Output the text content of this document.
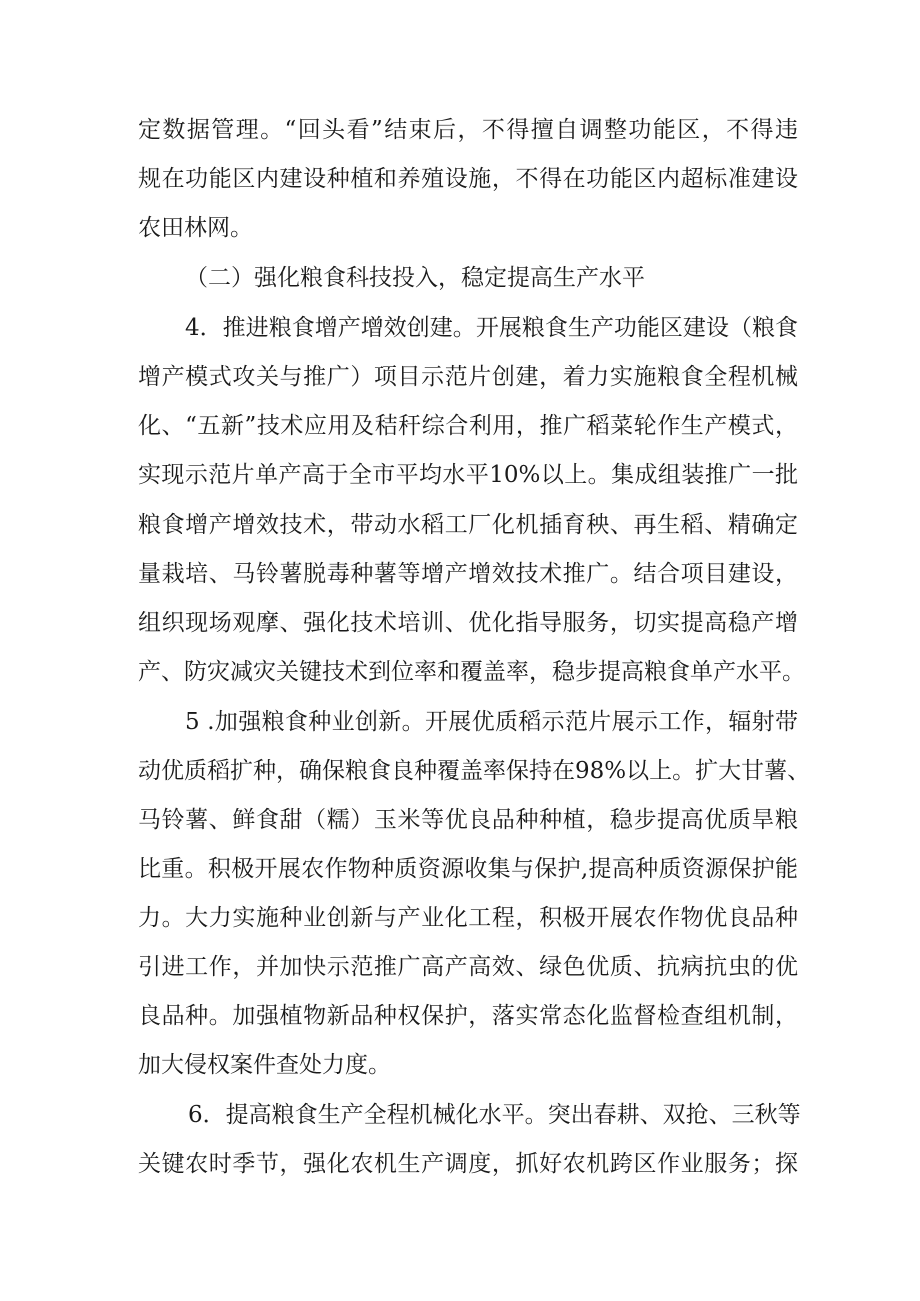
定数据管理。“回头看”结束后，不得擅自调整功能区，不得违

规在功能区内建设种植和养殖设施，不得在功能区内超标准建设

农田林网。

（二）强化粮食科技投入，稳定提高生产水平

4．推进粮食增产增效创建。开展粮食生产功能区建设（粮食

增产模式攻关与推广）项目示范片创建，着力实施粮食全程机械

化、“五新”技术应用及秸秆综合利用，推广稻菜轮作生产模式，

实现示范片单产高于全市平均水平10%以上。集成组装推广一批

粮食增产增效技术，带动水稻工厂化机插育秧、再生稻、精确定

量栽培、马铃薯脱毒种薯等增产增效技术推广。结合项目建设，

组织现场观摩、强化技术培训、优化指导服务，切实提高稳产增

产、防灾减灾关键技术到位率和覆盖率，稳步提高粮食单产水平。

5 .加强粮食种业创新。开展优质稻示范片展示工作，辐射带

动优质稻扩种，确保粮食良种覆盖率保持在98%以上。扩大甘薯、

马铃薯、鲜食甜（糯）玉米等优良品种种植，稳步提高优质旱粮

比重。积极开展农作物种质资源收集与保护,提高种质资源保护能

力。大力实施种业创新与产业化工程，积极开展农作物优良品种

引进工作，并加快示范推广高产高效、绿色优质、抗病抗虫的优

良品种。加强植物新品种权保护，落实常态化监督检查组机制，

加大侵权案件查处力度。

6．提高粮食生产全程机械化水平。突出春耕、双抢、三秋等

关键农时季节，强化农机生产调度，抓好农机跨区作业服务；探
